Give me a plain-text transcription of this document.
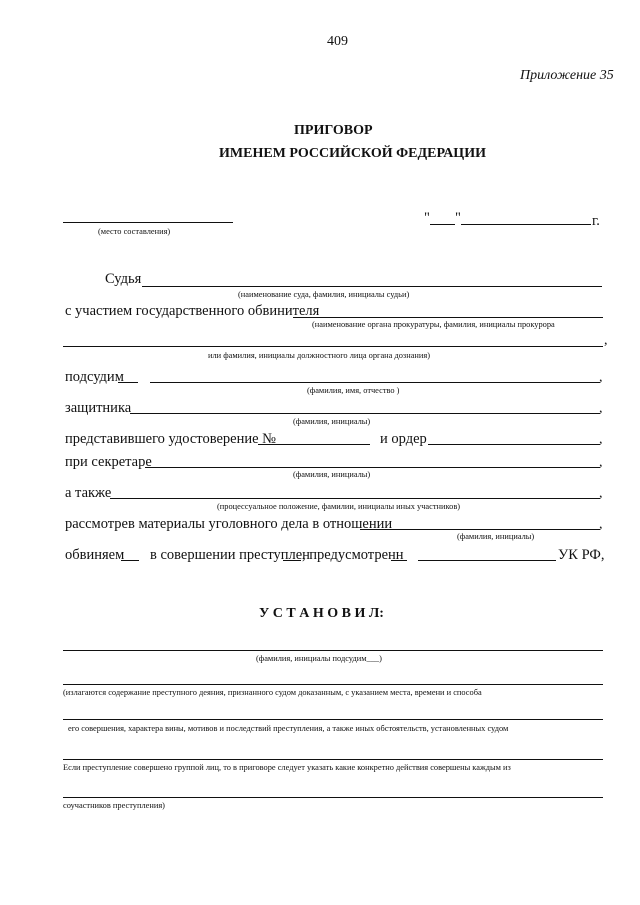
409
Приложение 35
ПРИГОВОР
ИМЕНЕМ РОССИЙСКОЙ ФЕДЕРАЦИИ
(место составления)
" "	г.
Судья
(наименование суда, фамилия, инициалы судьи)
с участием государственного обвинителя
(наименование органа прокуратуры, фамилия, инициалы прокурора
,
или фамилия, инициалы должностного лица органа дознания)
подсудим	,
(фамилия, имя, отчество )
защитника	,
(фамилия, инициалы)
представившего удостоверение №	и ордер	,
при секретаре	,
(фамилия, инициалы)
а также	,
(процессуальное положение, фамилии, инициалы иных участников)
рассмотрев материалы уголовного дела в отношении	,
(фамилия, инициалы)
обвиняем в совершении преступлен
, предусмотренн	УК РФ,
У С Т А Н О В И Л:
(фамилия, инициалы подсудим___)
(излагаются содержание преступного деяния, признанного судом доказанным, с указанием места, времени и способа
его совершения, характера вины, мотивов и последствий преступления, а также иных обстоятельств, установленных судом
Если преступление совершено группой лиц, то в приговоре следует указать какие конкретно действия совершены каждым из
соучастников преступления)
